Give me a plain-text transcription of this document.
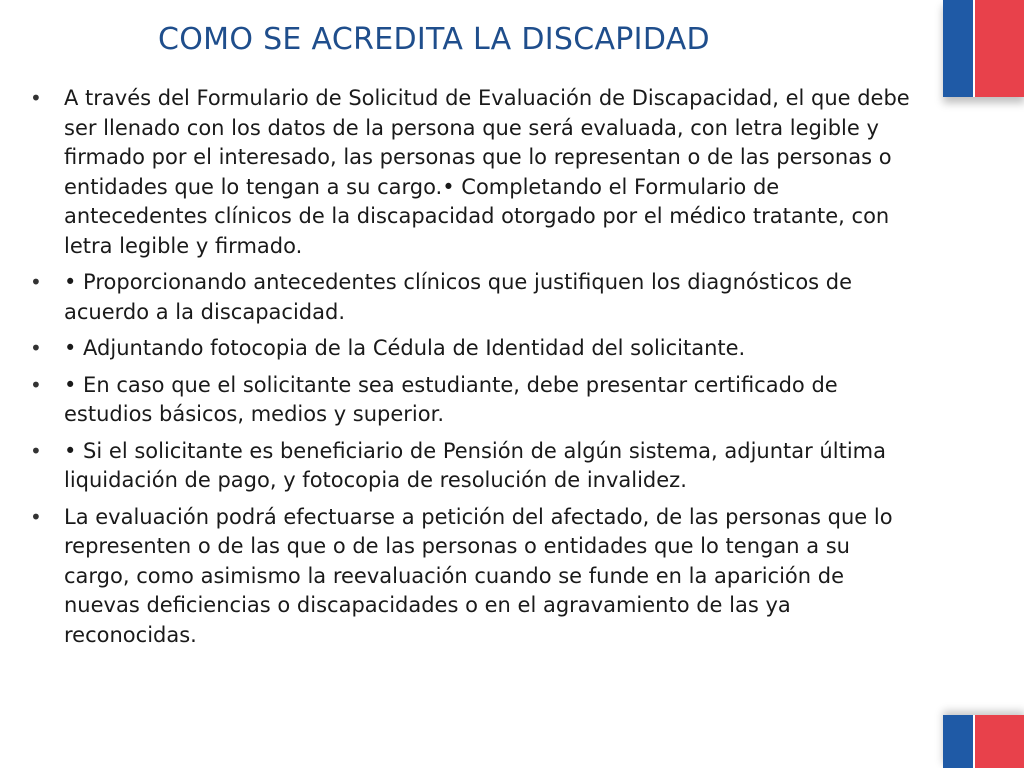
COMO SE ACREDITA LA DISCAPIDAD
• A través del Formulario de Solicitud de Evaluación de Discapacidad, el que debe ser llenado con los datos de la persona que será evaluada, con letra legible y firmado por el interesado, las personas que lo representan o de las personas o entidades que lo tengan a su cargo.• Completando el Formulario de antecedentes clínicos de la discapacidad otorgado por el médico tratante, con letra legible y firmado.
• • Proporcionando antecedentes clínicos que justifiquen los diagnósticos de acuerdo a la discapacidad.
• • Adjuntando fotocopia de la Cédula de Identidad del solicitante.
• • En caso que el solicitante sea estudiante, debe presentar certificado de estudios básicos, medios y superior.
• • Si el solicitante es beneficiario de Pensión de algún sistema, adjuntar última liquidación de pago, y fotocopia de resolución de invalidez.
• La evaluación podrá efectuarse a petición del afectado, de las personas que lo representen o de las que o de las personas o entidades que lo tengan a su cargo, como asimismo la reevaluación cuando se funde en la aparición de nuevas deficiencias o discapacidades o en el agravamiento de las ya reconocidas.
